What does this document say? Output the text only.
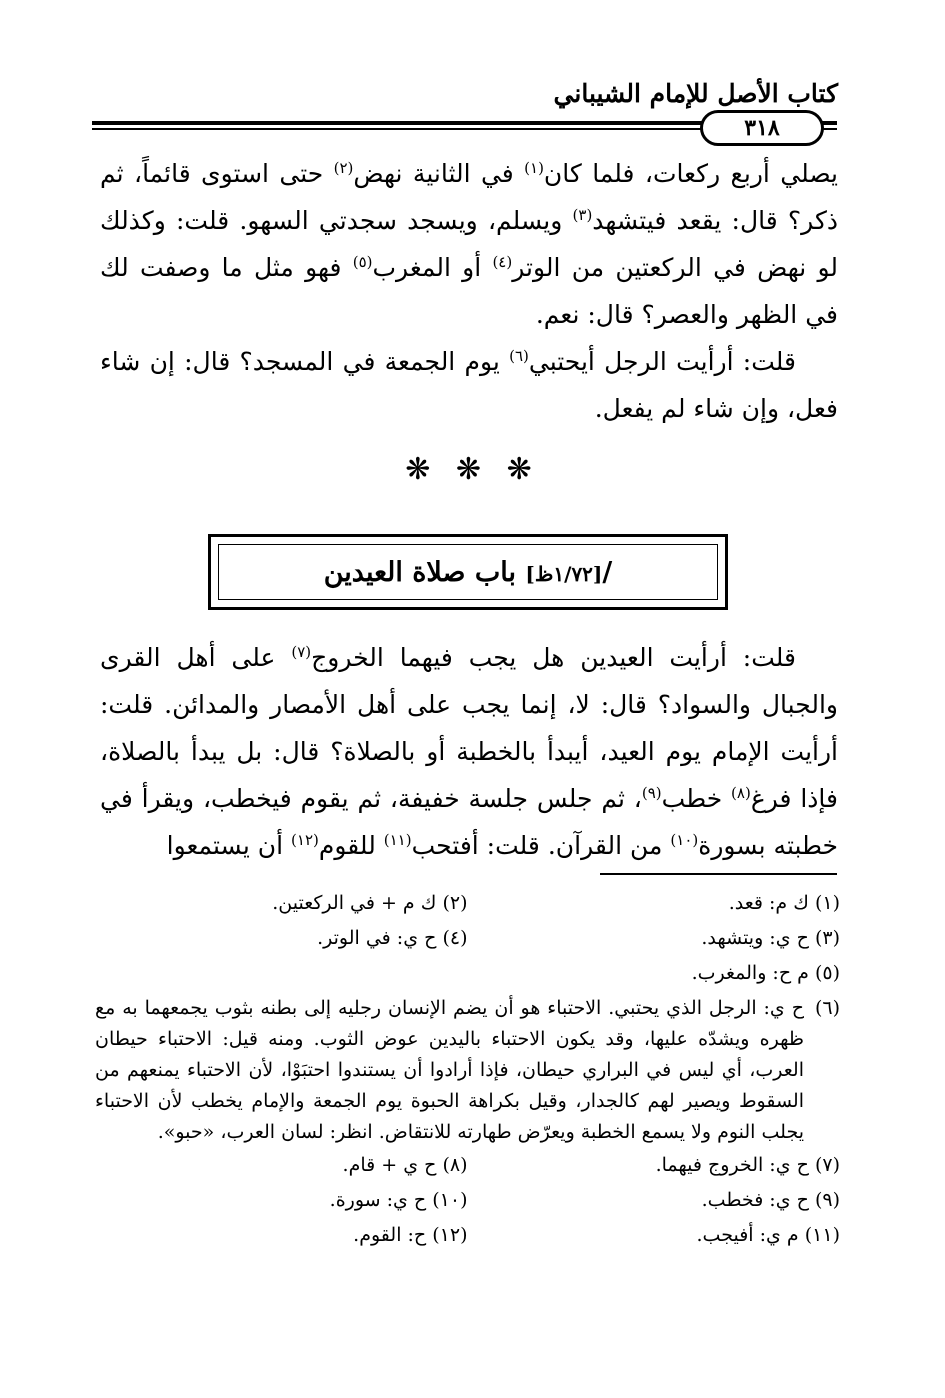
كتاب الأصل للإمام الشيباني
٣١٨
يصلي أربع ركعات، فلما كان$^{(١)}$ في الثانية نهض$^{(٢)}$ حتى استوى قائماً، ثم ذكر؟ قال: يقعد فيتشهد$^{(٣)}$ ويسلم، ويسجد سجدتي السهو. قلت: وكذلك لو نهض في الركعتين من الوتر$^{(٤)}$ أو المغرب$^{(٥)}$ فهو مثل ما وصفت لك في الظهر والعصر؟ قال: نعم.
قلت: أرأيت الرجل أيحتبي$^{(٦)}$ يوم الجمعة في المسجد؟ قال: إن شاء فعل، وإن شاء لم يفعل.
❋ ❋ ❋
/[١/٧٢ظ] باب صلاة العيدين
قلت: أرأيت العيدين هل يجب فيهما الخروج$^{(٧)}$ على أهل القرى والجبال والسواد؟ قال: لا، إنما يجب على أهل الأمصار والمدائن. قلت: أرأيت الإمام يوم العيد، أيبدأ بالخطبة أو بالصلاة؟ قال: بل يبدأ بالصلاة، فإذا فرغ$^{(٨)}$ خطب$^{(٩)}$، ثم جلس جلسة خفيفة، ثم يقوم فيخطب، ويقرأ في خطبته بسورة$^{(١٠)}$ من القرآن. قلت: أفتحب$^{(١١)}$ للقوم$^{(١٢)}$ أن يستمعوا
(١) ك م: قعد.
(٢) ك م + في الركعتين.
(٣) ح ي: ويتشهد.
(٤) ح ي: في الوتر.
(٥) م ح: والمغرب.
(٦)
ح ي: الرجل الذي يحتبي. الاحتباء هو أن يضم الإنسان رجليه إلى بطنه بثوب يجمعهما به مع ظهره ويشدّه عليها، وقد يكون الاحتباء باليدين عوض الثوب. ومنه قيل: الاحتباء حيطان العرب، أي ليس في البراري حيطان، فإذا أرادوا أن يستندوا احتبَوْا، لأن الاحتباء يمنعهم من السقوط ويصير لهم كالجدار، وقيل بكراهة الحبوة يوم الجمعة والإمام يخطب لأن الاحتباء يجلب النوم ولا يسمع الخطبة ويعرّض طهارته للانتقاض. انظر: لسان العرب، «حبو».
(٧) ح ي: الخروج فيهما.
(٨) ح ي + قام.
(٩) ح ي: فخطب.
(١٠) ح ي: سورة.
(١١) م ي: أفيجب.
(١٢) ح: القوم.
